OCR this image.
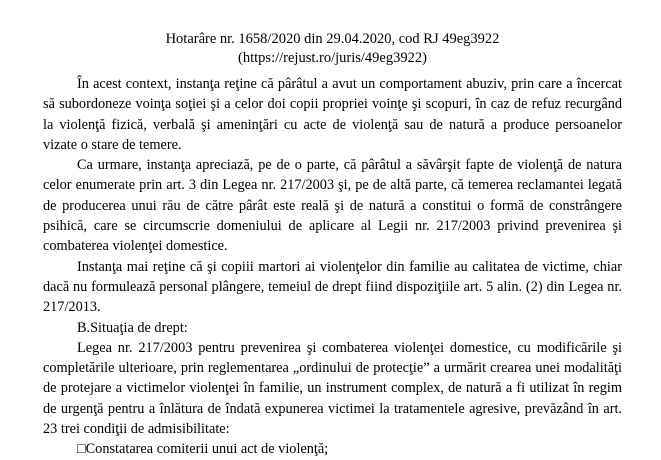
Hotarâre nr. 1658/2020 din 29.04.2020, cod RJ 49eg3922
(https://rejust.ro/juris/49eg3922)

În acest context, instanţa reţine că pârâtul a avut un comportament abuziv, prin care a încercat să subordoneze voinţa soţiei şi a celor doi copii propriei voinţe şi scopuri, în caz de refuz recurgând la violenţă fizică, verbală şi ameninţări cu acte de violenţă sau de natură a produce persoanelor vizate o stare de temere.

Ca urmare, instanţa apreciază, pe de o parte, că pârâtul a săvârşit fapte de violenţă de natura celor enumerate prin art. 3 din Legea nr. 217/2003 şi, pe de altă parte, că temerea reclamantei legată de producerea unui rău de către pârât este reală şi de natură a constitui o formă de constrângere psihică, care se circumscrie domeniului de aplicare al Legii nr. 217/2003 privind prevenirea şi combaterea violenţei domestice.

Instanţa mai reţine că şi copiii martori ai violenţelor din familie au calitatea de victime, chiar dacă nu formulează personal plângere, temeiul de drept fiind dispoziţiile art. 5 alin. (2) din Legea nr. 217/2013.

B.Situaţia de drept:

Legea nr. 217/2003 pentru prevenirea şi combaterea violenţei domestice, cu modificările şi completările ulterioare, prin reglementarea „ordinului de protecţie” a urmărit crearea unei modalităţi de protejare a victimelor violenţei în familie, un instrument complex, de natură a fi utilizat în regim de urgenţă pentru a înlătura de îndată expunerea victimei la tratamentele agresive, prevăzând în art. 23 trei condiţii de admisibilitate:

□Constatarea comiterii unui act de violenţă;
